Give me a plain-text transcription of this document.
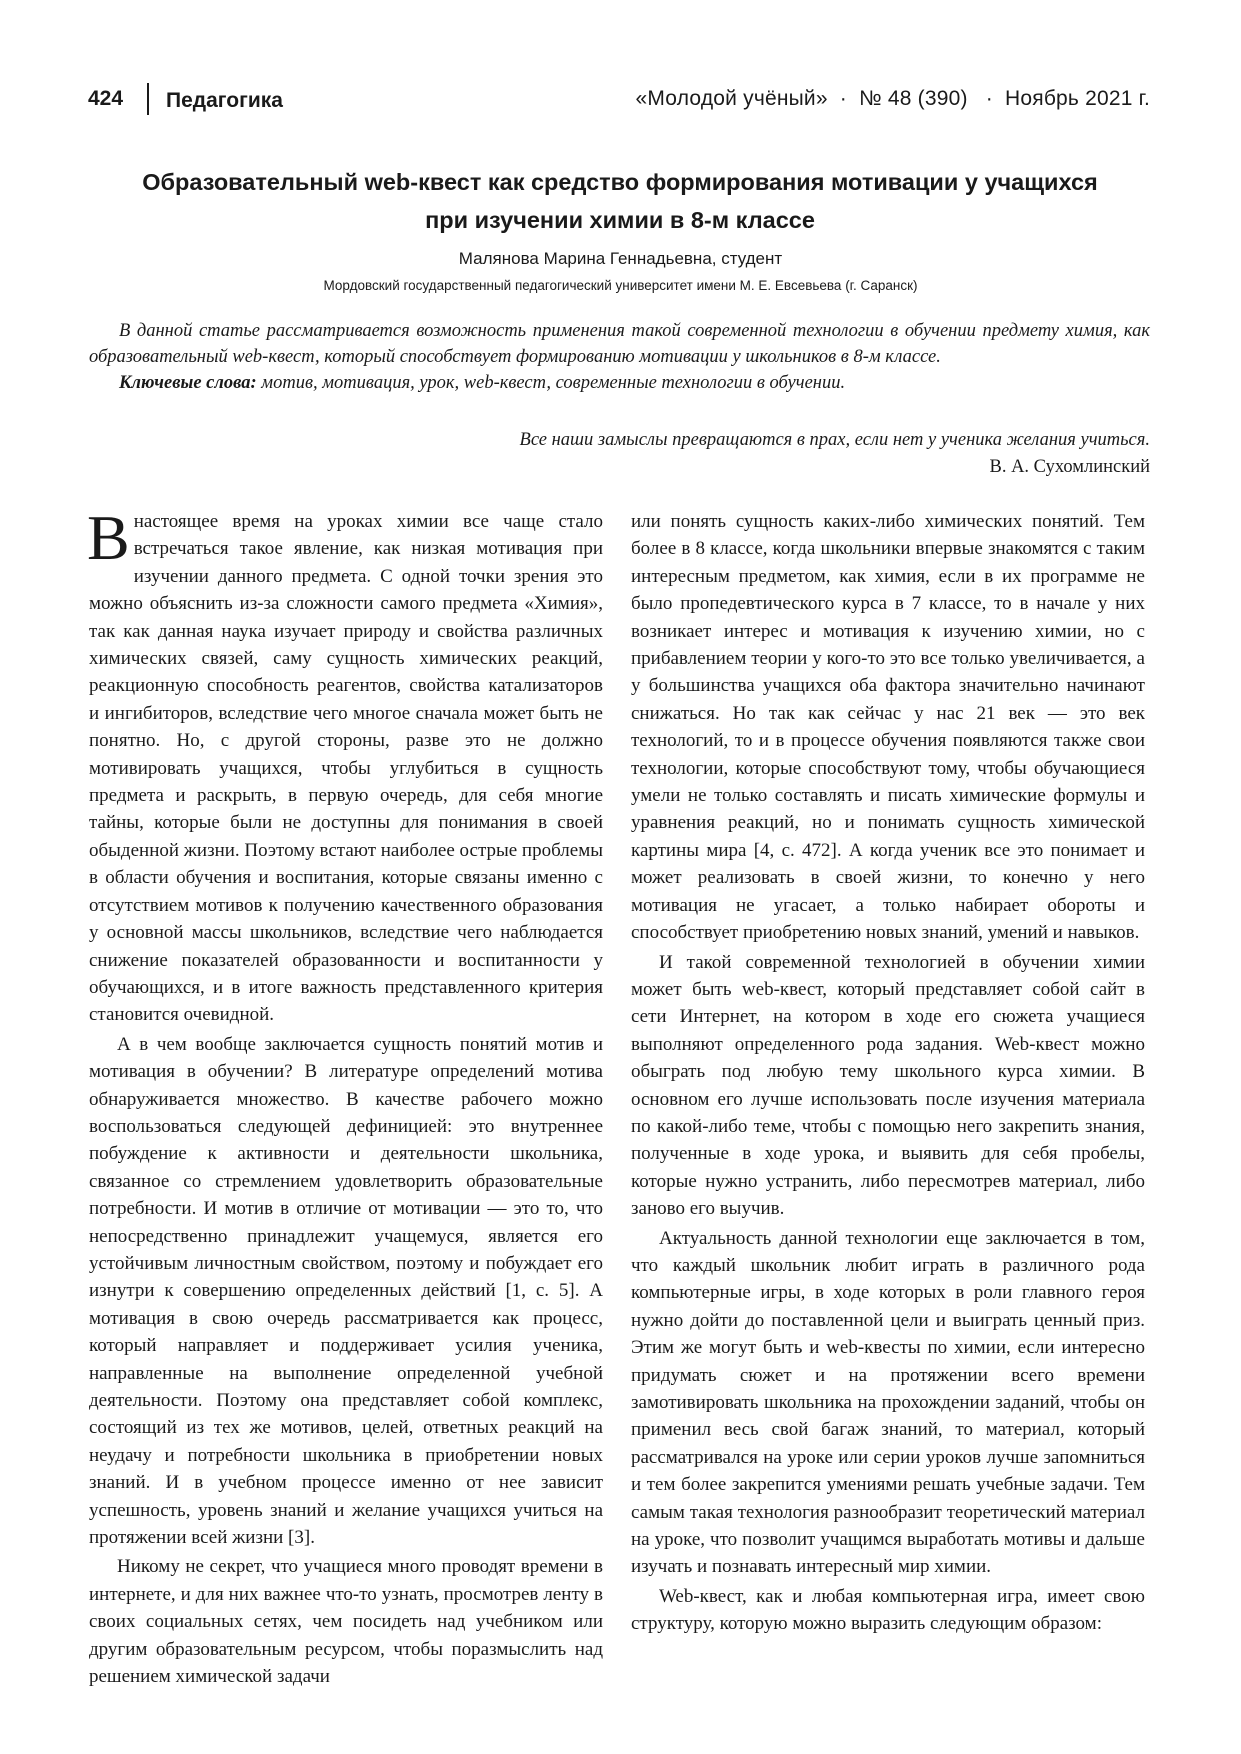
424 Педагогика	«Молодой учёный»  ·  № 48 (390)   ·  Ноябрь 2021 г.
Образовательный web-квест как средство формирования мотивации у учащихся
при изучении химии в 8-м классе
Малянова Марина Геннадьевна, студент
Мордовский государственный педагогический университет имени М. Е. Евсевьева (г. Саранск)

В данной статье рассматривается возможность применения такой современной технологии в обучении предмету химия, как образовательный web-квест, который способствует формированию мотивации у школьников в 8-м классе.

Ключевые слова: мотив, мотивация, урок, web-квест, современные технологии в обучении.

Все наши замыслы превращаются в прах, если нет у ученика желания учиться.
В. А. Сухомлинский

В настоящее время на уроках химии все чаще стало встречаться такое явление, как низкая мотивация при изучении данного предмета. С одной точки зрения это можно объяснить из-за сложности самого предмета «Химия», так как данная наука изучает природу и свойства различных химических связей, саму сущность химических реакций, реакционную способность реагентов, свойства катализаторов и ингибиторов, вследствие чего многое сначала может быть не понятно. Но, с другой стороны, разве это не должно мотивировать учащихся, чтобы углубиться в сущность предмета и раскрыть, в первую очередь, для себя многие тайны, которые были не доступны для понимания в своей обыденной жизни. Поэтому встают наиболее острые проблемы в области обучения и воспитания, которые связаны именно с отсутствием мотивов к получению качественного образования у основной массы школьников, вследствие чего наблюдается снижение показателей образованности и воспитанности у обучающихся, и в итоге важность представленного критерия становится очевидной.

А в чем вообще заключается сущность понятий мотив и мотивация в обучении? В литературе определений мотива обнаруживается множество. В качестве рабочего можно воспользоваться следующей дефиницией: это внутреннее побуждение к активности и деятельности школьника, связанное со стремлением удовлетворить образовательные потребности. И мотив в отличие от мотивации — это то, что непосредственно принадлежит учащемуся, является его устойчивым личностным свойством, поэтому и побуждает его изнутри к совершению определенных действий [1, с. 5]. А мотивация в свою очередь рассматривается как процесс, который направляет и поддерживает усилия ученика, направленные на выполнение определенной учебной деятельности. Поэтому она представляет собой комплекс, состоящий из тех же мотивов, целей, ответных реакций на неудачу и потребности школьника в приобретении новых знаний. И в учебном процессе именно от нее зависит успешность, уровень знаний и желание учащихся учиться на протяжении всей жизни [3].

Никому не секрет, что учащиеся много проводят времени в интернете, и для них важнее что-то узнать, просмотрев ленту в своих социальных сетях, чем посидеть над учебником или другим образовательным ресурсом, чтобы поразмыслить над решением химической задачи

или понять сущность каких-либо химических понятий. Тем более в 8 классе, когда школьники впервые знакомятся с таким интересным предметом, как химия, если в их программе не было пропедевтического курса в 7 классе, то в начале у них возникает интерес и мотивация к изучению химии, но с прибавлением теории у кого-то это все только увеличивается, а у большинства учащихся оба фактора значительно начинают снижаться. Но так как сейчас у нас 21 век — это век технологий, то и в процессе обучения появляются также свои технологии, которые способствуют тому, чтобы обучающиеся умели не только составлять и писать химические формулы и уравнения реакций, но и понимать сущность химической картины мира [4, с. 472]. А когда ученик все это понимает и может реализовать в своей жизни, то конечно у него мотивация не угасает, а только набирает обороты и способствует приобретению новых знаний, умений и навыков.

И такой современной технологией в обучении химии может быть web-квест, который представляет собой сайт в сети Интернет, на котором в ходе его сюжета учащиеся выполняют определенного рода задания. Web-квест можно обыграть под любую тему школьного курса химии. В основном его лучше использовать после изучения материала по какой-либо теме, чтобы с помощью него закрепить знания, полученные в ходе урока, и выявить для себя пробелы, которые нужно устранить, либо пересмотрев материал, либо заново его выучив.

Актуальность данной технологии еще заключается в том, что каждый школьник любит играть в различного рода компьютерные игры, в ходе которых в роли главного героя нужно дойти до поставленной цели и выиграть ценный приз. Этим же могут быть и web-квесты по химии, если интересно придумать сюжет и на протяжении всего времени замотивировать школьника на прохождении заданий, чтобы он применил весь свой багаж знаний, то материал, который рассматривался на уроке или серии уроков лучше запомниться и тем более закрепится умениями решать учебные задачи. Тем самым такая технология разнообразит теоретический материал на уроке, что позволит учащимся выработать мотивы и дальше изучать и познавать интересный мир химии.

Web-квест, как и любая компьютерная игра, имеет свою структуру, которую можно выразить следующим образом:
